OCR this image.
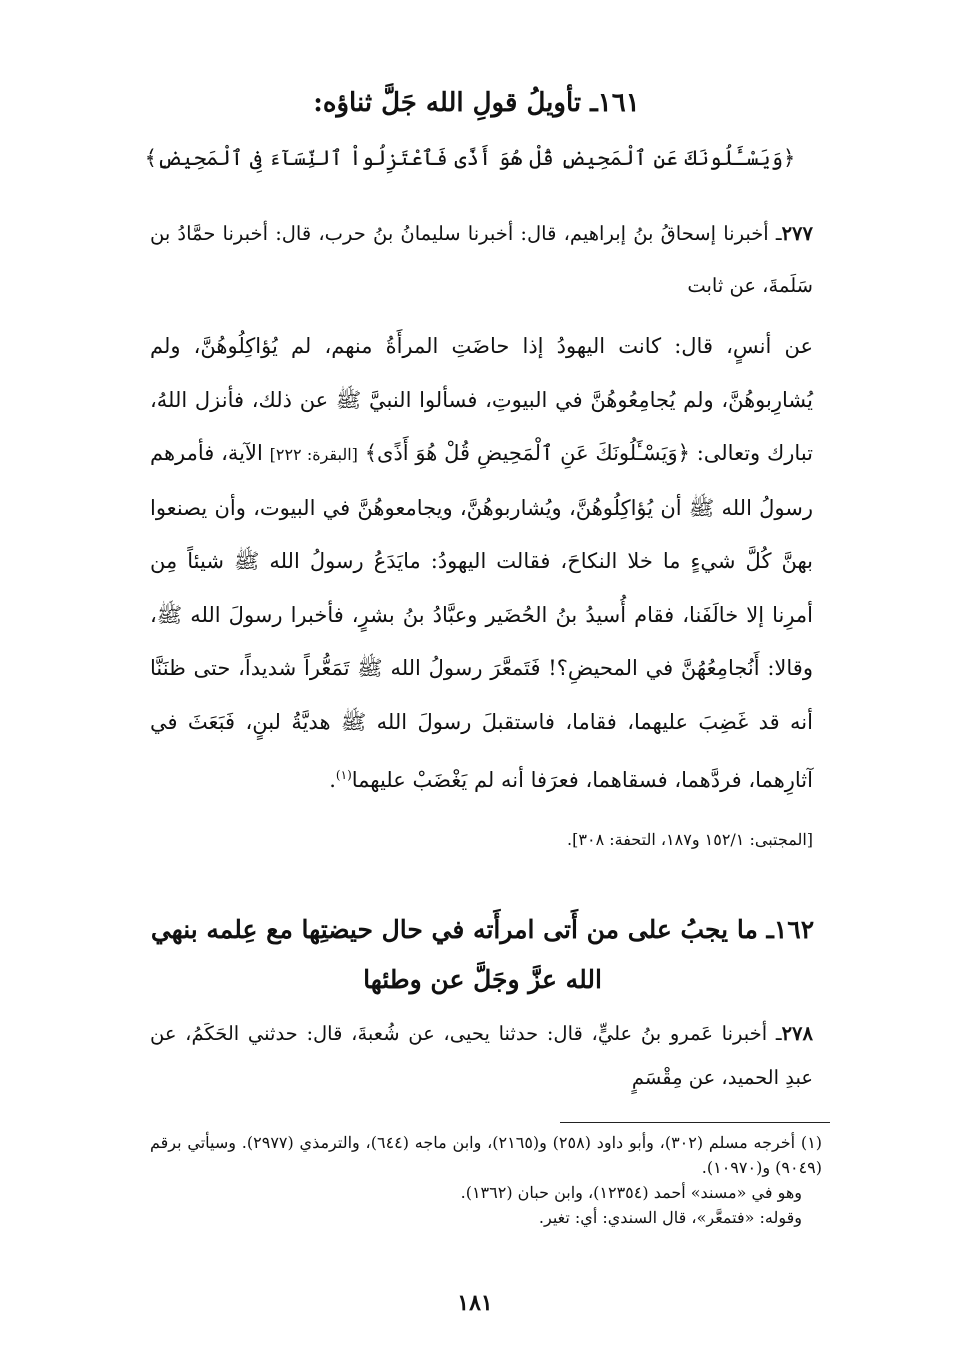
١٦١ـ تأويلُ قولِ الله جَلَّ ثناؤه:
﴿وَيَسْـَٔلُونَكَ عَنِ ٱلْمَحِيضِ قُلْ هُوَ أَذًى فَٱعْتَزِلُواْ ٱلنِّسَآءَ فِى ٱلْمَحِيضِ﴾
٢٧٧ـ أخبرنا إسحاقُ بنُ إبراهيم، قال: أخبرنا سليمانُ بنُ حرب، قال: أخبرنا حمَّادُ بن سَلَمةَ، عن ثابت

عن أنسٍ، قال: كانت اليهودُ إذا حاضَتِ المرأَةُ منهم، لم يُؤاكِلُوهُنَّ، ولم يُشارِبوهُنَّ، ولم يُجامِعُوهُنَّ في البيوتِ، فسألوا النبيَّ ﷺ عن ذلك، فأنزل اللهُ، تبارك وتعالى: ﴿وَيَسْـَٔلُونَكَ عَنِ ٱلْمَحِيضِ قُلْ هُوَ أَذًى﴾ [البقرة: ٢٢٢] الآية، فأمرهم رسولُ الله ﷺ أن يُؤاكِلُوهُنَّ، ويُشاربوهُنَّ، ويجامعوهُنَّ في البيوت، وأن يصنعوا بهنَّ كُلَّ شيءٍ ما خلا النكاحَ، فقالت اليهودُ: مايَدَعُ رسولُ الله ﷺ شيئاً مِن أمرِنا إلا خالَفَنا، فقام أُسيدُ بنُ الحُضَير وعبَّادُ بنُ بشرٍ، فأخبرا رسولَ الله ﷺ، وقالا: أَنُجامِعُهُنَّ في المحيضِ؟! فَتَمعَّرَ رسولُ الله ﷺ تَمَعُّراً شديداً، حتى ظنَنَّا أنه قد غَضِبَ عليهما، فقاما، فاستقبلَ رسولَ الله ﷺ هديَّةُ لبنٍ، فَبَعَثَ في آثارِهما، فردَّهما، فسقاهما، فعرَفا أنه لم يَغْضَبْ عليهما$^{(١)}$.

[المجتبى: ١٥٢/١ و١٨٧، التحفة: ٣٠٨].
١٦٢ـ ما يجبُ على من أَتى امرأَته في حال حيضتِها مع عِلمه بنهي الله عزَّ وجَلَّ عن وطئها
٢٧٨ـ أخبرنا عَمرو بنُ عليٍّ، قال: حدثنا يحيى، عن شُعبةَ، قال: حدثني الحَكَمُ، عن عبدِ الحميد، عن مِقْسَمٍ

(١) أخرجه مسلم (٣٠٢)، وأبو داود (٢٥٨) و(٢١٦٥)، وابن ماجه (٦٤٤)، والترمذي (٢٩٧٧). وسيأتي برقم (٩٠٤٩) و(١٠٩٧٠).

وهو في «مسند» أحمد (١٢٣٥٤)، وابن حبان (١٣٦٢).

وقوله: «فتمعَّر»، قال السندي: أي: تغير.

١٨١
